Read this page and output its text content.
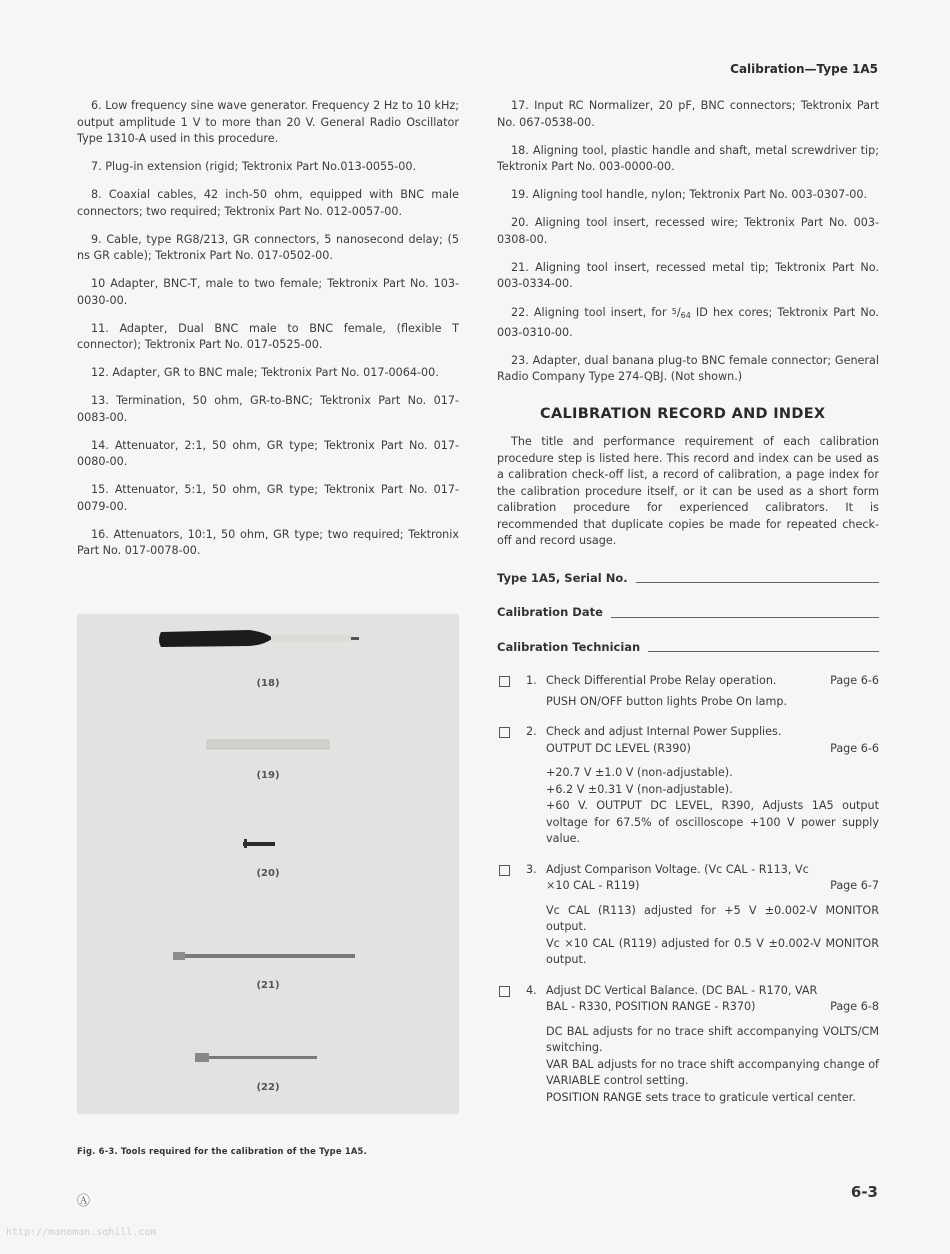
Calibration—Type 1A5

6. Low frequency sine wave generator. Frequency 2 Hz to 10 kHz; output amplitude 1 V to more than 20 V. General Radio Oscillator Type 1310-A used in this procedure.

7. Plug-in extension (rigid; Tektronix Part No.013-0055-00.

8. Coaxial cables, 42 inch-50 ohm, equipped with BNC male connectors; two required; Tektronix Part No. 012-0057-00.

9. Cable, type RG8/213, GR connectors, 5 nanosecond delay; (5 ns GR cable); Tektronix Part No. 017-0502-00.

10 Adapter, BNC-T, male to two female; Tektronix Part No. 103-0030-00.

11. Adapter, Dual BNC male to BNC female, (flexible T connector); Tektronix Part No. 017-0525-00.

12. Adapter, GR to BNC male; Tektronix Part No. 017-0064-00.

13. Termination, 50 ohm, GR-to-BNC; Tektronix Part No. 017-0083-00.

14. Attenuator, 2:1, 50 ohm, GR type; Tektronix Part No. 017-0080-00.

15. Attenuator, 5:1, 50 ohm, GR type; Tektronix Part No. 017-0079-00.

16. Attenuators, 10:1, 50 ohm, GR type; two required; Tektronix Part No. 017-0078-00.

(18)
(19)
(20)
(21)
(22)
Fig. 6-3. Tools required for the calibration of the Type 1A5.

17. Input RC Normalizer, 20 pF, BNC connectors; Tektronix Part No. 067-0538-00.

18. Aligning tool, plastic handle and shaft, metal screwdriver tip; Tektronix Part No. 003-0000-00.

19. Aligning tool handle, nylon; Tektronix Part No. 003-0307-00.

20. Aligning tool insert, recessed wire; Tektronix Part No. 003-0308-00.

21. Aligning tool insert, recessed metal tip; Tektronix Part No. 003-0334-00.

22. Aligning tool insert, for 5/64 ID hex cores; Tektronix Part No. 003-0310-00.

23. Adapter, dual banana plug-to BNC female connector; General Radio Company Type 274-QBJ. (Not shown.)

CALIBRATION RECORD AND INDEX

The title and performance requirement of each calibration procedure step is listed here. This record and index can be used as a calibration check-off list, a record of calibration, a page index for the calibration procedure itself, or it can be used as a short form calibration procedure for experienced calibrators. It is recommended that duplicate copies be made for repeated check-off and record usage.

Type 1A5, Serial No.
Calibration Date
Calibration Technician
1. Check Differential Probe Relay operation.	Page 6-6
PUSH ON/OFF button lights Probe On lamp.
2. Check and adjust Internal Power Supplies. OUTPUT DC LEVEL (R390)	Page 6-6
+20.7 V ±1.0 V (non-adjustable).
+6.2 V ±0.31 V (non-adjustable).
+60 V. OUTPUT DC LEVEL, R390, Adjusts 1A5 output voltage for 67.5% of oscilloscope +100 V power supply value.
3. Adjust Comparison Voltage. (Vc CAL - R113, Vc ×10 CAL - R119)	Page 6-7
Vc CAL (R113) adjusted for +5 V ±0.002-V MONITOR output.
Vc ×10 CAL (R119) adjusted for 0.5 V ±0.002-V MONITOR output.
4. Adjust DC Vertical Balance. (DC BAL - R170, VAR BAL - R330, POSITION RANGE - R370)	Page 6-8
DC BAL adjusts for no trace shift accompanying VOLTS/CM switching.
VAR BAL adjusts for no trace shift accompanying change of VARIABLE control setting.
POSITION RANGE sets trace to graticule vertical center.
Ⓐ
6-3
http://manoman.sqhill.com
